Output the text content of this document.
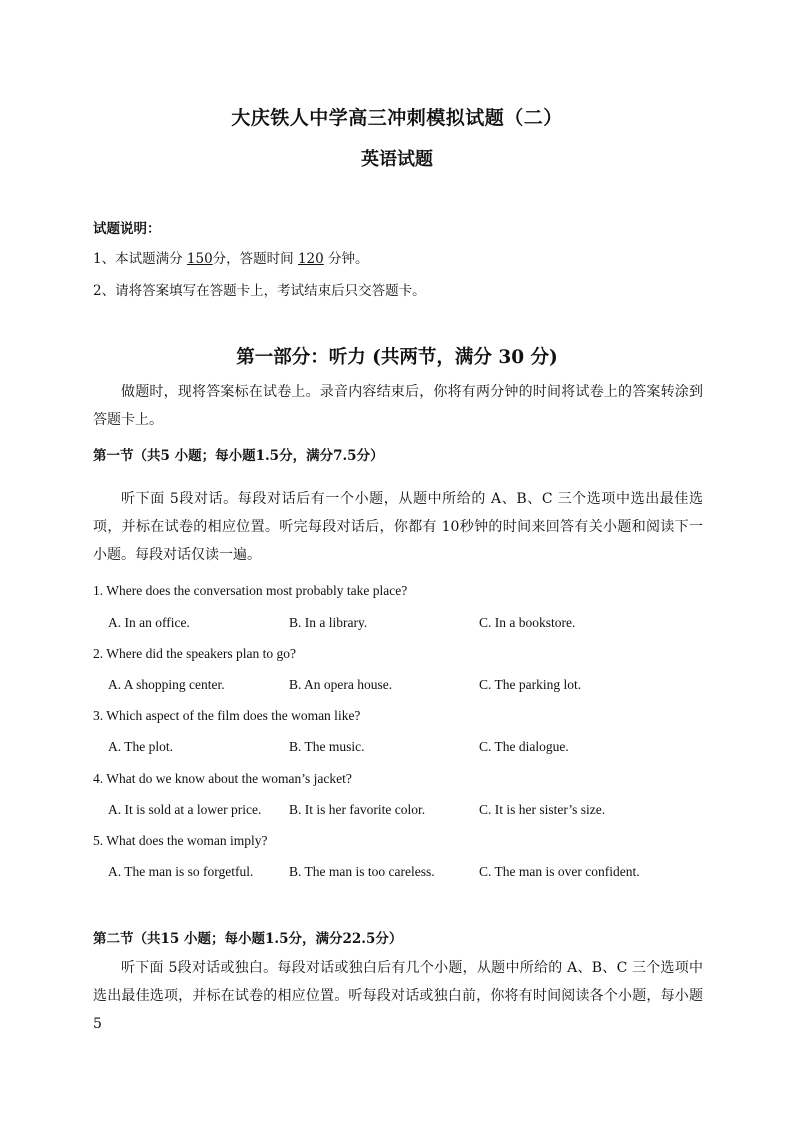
大庆铁人中学高三冲刺模拟试题（二）
英语试题
试题说明：
1、本试题满分 150分，答题时间 120 分钟。
2、请将答案填写在答题卡上，考试结束后只交答题卡。
第一部分：听力 (共两节，满分 30 分)
做题时，现将答案标在试卷上。录音内容结束后，你将有两分钟的时间将试卷上的答案转涂到答题卡上。
第一节（共5 小题；每小题1.5分，满分7.5分）
听下面 5段对话。每段对话后有一个小题，从题中所给的 A、B、C 三个选项中选出最佳选项，并标在试卷的相应位置。听完每段对话后，你都有 10秒钟的时间来回答有关小题和阅读下一小题。每段对话仅读一遍。
1. Where does the conversation most probably take place?
A. In an office.	B. In a library.	C. In a bookstore.
2. Where did the speakers plan to go?
A. A shopping center.	B. An opera house.	C. The parking lot.
3. Which aspect of the film does the woman like?
A. The plot.	B. The music.	C. The dialogue.
4. What do we know about the woman’s jacket?
A. It is sold at a lower price. B. It is her favorite color.	C. It is her sister’s size.
5. What does the woman imply?
A. The man is so forgetful.	B. The man is too careless.	C. The man is over confident.
第二节（共15 小题；每小题1.5分，满分22.5分）
听下面 5段对话或独白。每段对话或独白后有几个小题，从题中所给的 A、B、C 三个选项中选出最佳选项，并标在试卷的相应位置。听每段对话或独白前，你将有时间阅读各个小题，每小题 5
